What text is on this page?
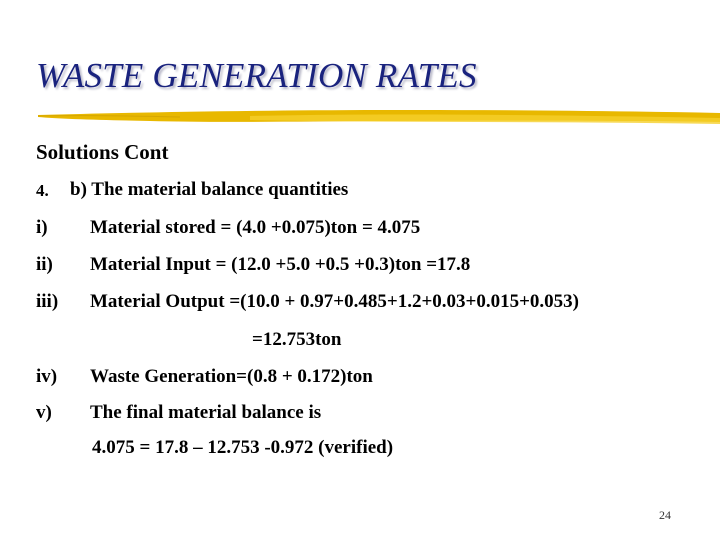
WASTE GENERATION RATES
Solutions Cont
4. b) The material balance quantities
i) Material stored = (4.0 +0.075)ton = 4.075
ii) Material Input = (12.0 +5.0 +0.5 +0.3)ton =17.8
iii) Material Output =(10.0 + 0.97+0.485+1.2+0.03+0.015+0.053)
=12.753ton
iv) Waste Generation=(0.8 + 0.172)ton
v) The final material balance is
4.075 = 17.8 – 12.753 -0.972 (verified)
24
